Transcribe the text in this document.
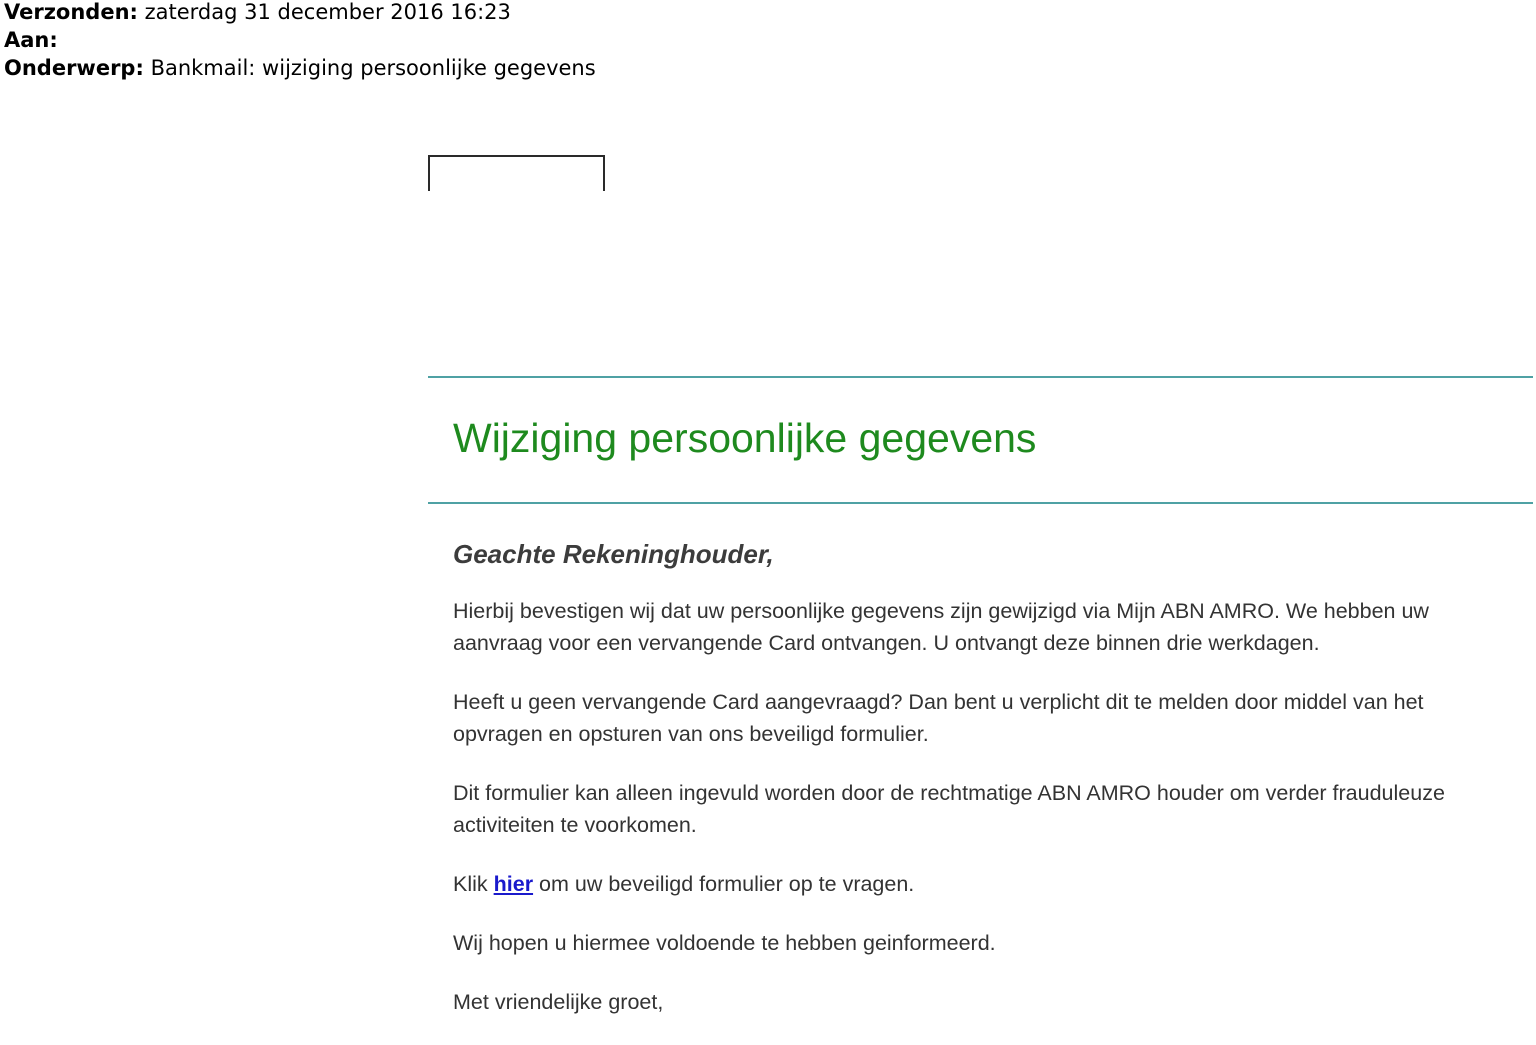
Verzonden: zaterdag 31 december 2016 16:23
Aan:
Onderwerp: Bankmail: wijziging persoonlijke gegevens
Wijziging persoonlijke gegevens

Geachte Rekeninghouder,

Hierbij bevestigen wij dat uw persoonlijke gegevens zijn gewijzigd via Mijn ABN AMRO. We hebben uw aanvraag voor een vervangende Card ontvangen. U ontvangt deze binnen drie werkdagen.

Heeft u geen vervangende Card aangevraagd? Dan bent u verplicht dit te melden door middel van het opvragen en opsturen van ons beveiligd formulier.

Dit formulier kan alleen ingevuld worden door de rechtmatige ABN AMRO houder om verder frauduleuze activiteiten te voorkomen.

Klik hier om uw beveiligd formulier op te vragen.

Wij hopen u hiermee voldoende te hebben geinformeerd.

Met vriendelijke groet,
